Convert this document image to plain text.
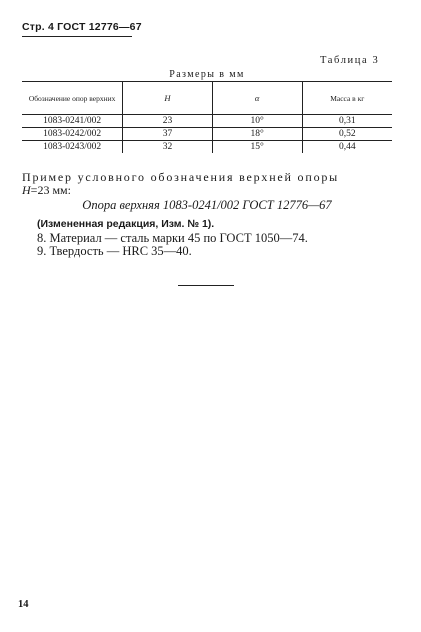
Стр. 4 ГОСТ 12776—67
Таблица 3
Размеры в мм
Обозначение опор верхних	H	α	Масса в кг
1083-0241/002	23	10°	0,31
1083-0242/002	37	18°	0,52
1083-0243/002	32	15°	0,44
Пример условного обозначения верхней опоры
H=23 мм:
Опора верхняя 1083-0241/002 ГОСТ 12776—67
(Измененная редакция, Изм. № 1).
8. Материал — сталь марки 45 по ГОСТ 1050—74.
9. Твердость — HRC 35—40.
14
